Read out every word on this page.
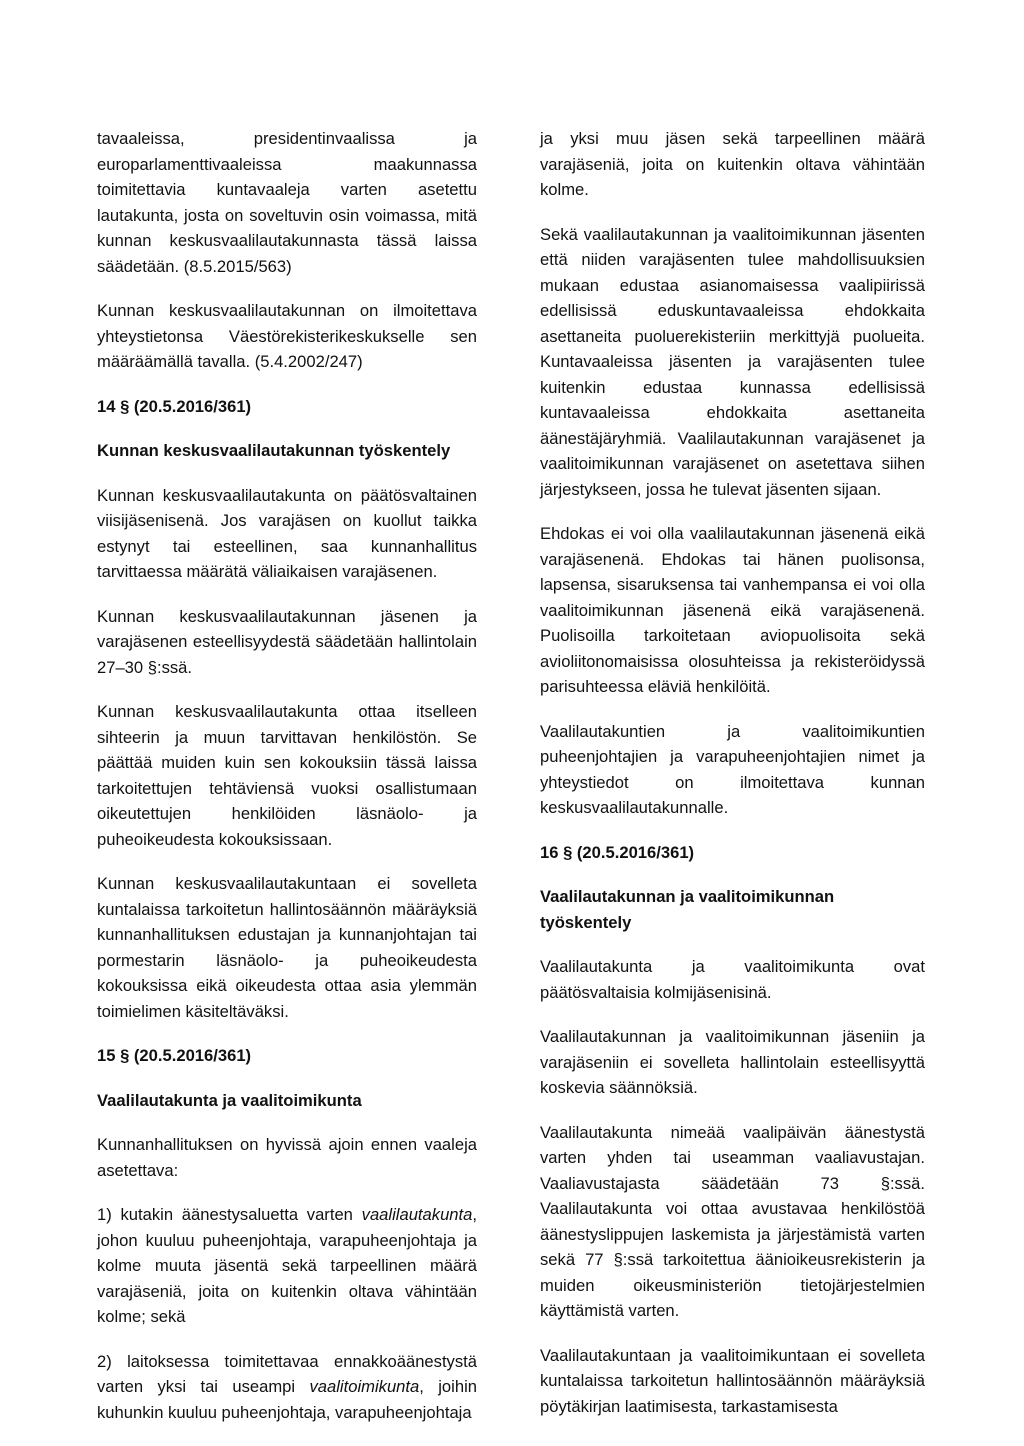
tavaaleissa, presidentinvaalissa ja europarlamenttivaaleissa maakunnassa toimitettavia kuntavaaleja varten asetettu lautakunta, josta on soveltuvin osin voimassa, mitä kunnan keskusvaalilautakunnasta tässä laissa säädetään. (8.5.2015/563)

Kunnan keskusvaalilautakunnan on ilmoitettava yhteystietonsa Väestörekisterikeskukselle sen määräämällä tavalla. (5.4.2002/247)

14 § (20.5.2016/361)
Kunnan keskusvaalilautakunnan työskentely

Kunnan keskusvaalilautakunta on päätösvaltainen viisijäsenisenä. Jos varajäsen on kuollut taikka estynyt tai esteellinen, saa kunnanhallitus tarvittaessa määrätä väliaikaisen varajäsenen.

Kunnan keskusvaalilautakunnan jäsenen ja varajäsenen esteellisyydestä säädetään hallintolain 27–30 §:ssä.

Kunnan keskusvaalilautakunta ottaa itselleen sihteerin ja muun tarvittavan henkilöstön. Se päättää muiden kuin sen kokouksiin tässä laissa tarkoitettujen tehtäviensä vuoksi osallistumaan oikeutettujen henkilöiden läsnäolo- ja puheoikeudesta kokouksissaan.

Kunnan keskusvaalilautakuntaan ei sovelleta kuntalaissa tarkoitetun hallintosäännön määräyksiä kunnanhallituksen edustajan ja kunnanjohtajan tai pormestarin läsnäolo- ja puheoikeudesta kokouksissa eikä oikeudesta ottaa asia ylemmän toimielimen käsiteltäväksi.

15 § (20.5.2016/361)
Vaalilautakunta ja vaalitoimikunta

Kunnanhallituksen on hyvissä ajoin ennen vaaleja asetettava:

1) kutakin äänestysaluetta varten vaalilautakunta, johon kuuluu puheenjohtaja, varapuheenjohtaja ja kolme muuta jäsentä sekä tarpeellinen määrä varajäseniä, joita on kuitenkin oltava vähintään kolme; sekä

2) laitoksessa toimitettavaa ennakkoäänestystä varten yksi tai useampi vaalitoimikunta, joihin kuhunkin kuuluu puheenjohtaja, varapuheenjohtaja

ja yksi muu jäsen sekä tarpeellinen määrä varajäseniä, joita on kuitenkin oltava vähintään kolme.

Sekä vaalilautakunnan ja vaalitoimikunnan jäsenten että niiden varajäsenten tulee mahdollisuuksien mukaan edustaa asianomaisessa vaalipiirissä edellisissä eduskuntavaaleissa ehdokkaita asettaneita puoluerekisteriin merkittyjä puolueita. Kuntavaaleissa jäsenten ja varajäsenten tulee kuitenkin edustaa kunnassa edellisissä kuntavaaleissa ehdokkaita asettaneita äänestäjäryhmiä. Vaalilautakunnan varajäsenet ja vaalitoimikunnan varajäsenet on asetettava siihen järjestykseen, jossa he tulevat jäsenten sijaan.

Ehdokas ei voi olla vaalilautakunnan jäsenenä eikä varajäsenenä. Ehdokas tai hänen puolisonsa, lapsensa, sisaruksensa tai vanhempansa ei voi olla vaalitoimikunnan jäsenenä eikä varajäsenenä. Puolisoilla tarkoitetaan aviopuolisoita sekä avioliitonomaisissa olosuhteissa ja rekisteröidyssä parisuhteessa eläviä henkilöitä.

Vaalilautakuntien ja vaalitoimikuntien puheenjohtajien ja varapuheenjohtajien nimet ja yhteystiedot on ilmoitettava kunnan keskusvaalilautakunnalle.

16 § (20.5.2016/361)
Vaalilautakunnan ja vaalitoimikunnan työskentely

Vaalilautakunta ja vaalitoimikunta ovat päätösvaltaisia kolmijäsenisinä.

Vaalilautakunnan ja vaalitoimikunnan jäseniin ja varajäseniin ei sovelleta hallintolain esteellisyyttä koskevia säännöksiä.

Vaalilautakunta nimeää vaalipäivän äänestystä varten yhden tai useamman vaaliavustajan. Vaaliavustajasta säädetään 73 §:ssä. Vaalilautakunta voi ottaa avustavaa henkilöstöä äänestyslippujen laskemista ja järjestämistä varten sekä 77 §:ssä tarkoitettua äänioikeusrekisterin ja muiden oikeusministeriön tietojärjestelmien käyttämistä varten.

Vaalilautakuntaan ja vaalitoimikuntaan ei sovelleta kuntalaissa tarkoitetun hallintosäännön määräyksiä pöytäkirjan laatimisesta, tarkastamisesta
